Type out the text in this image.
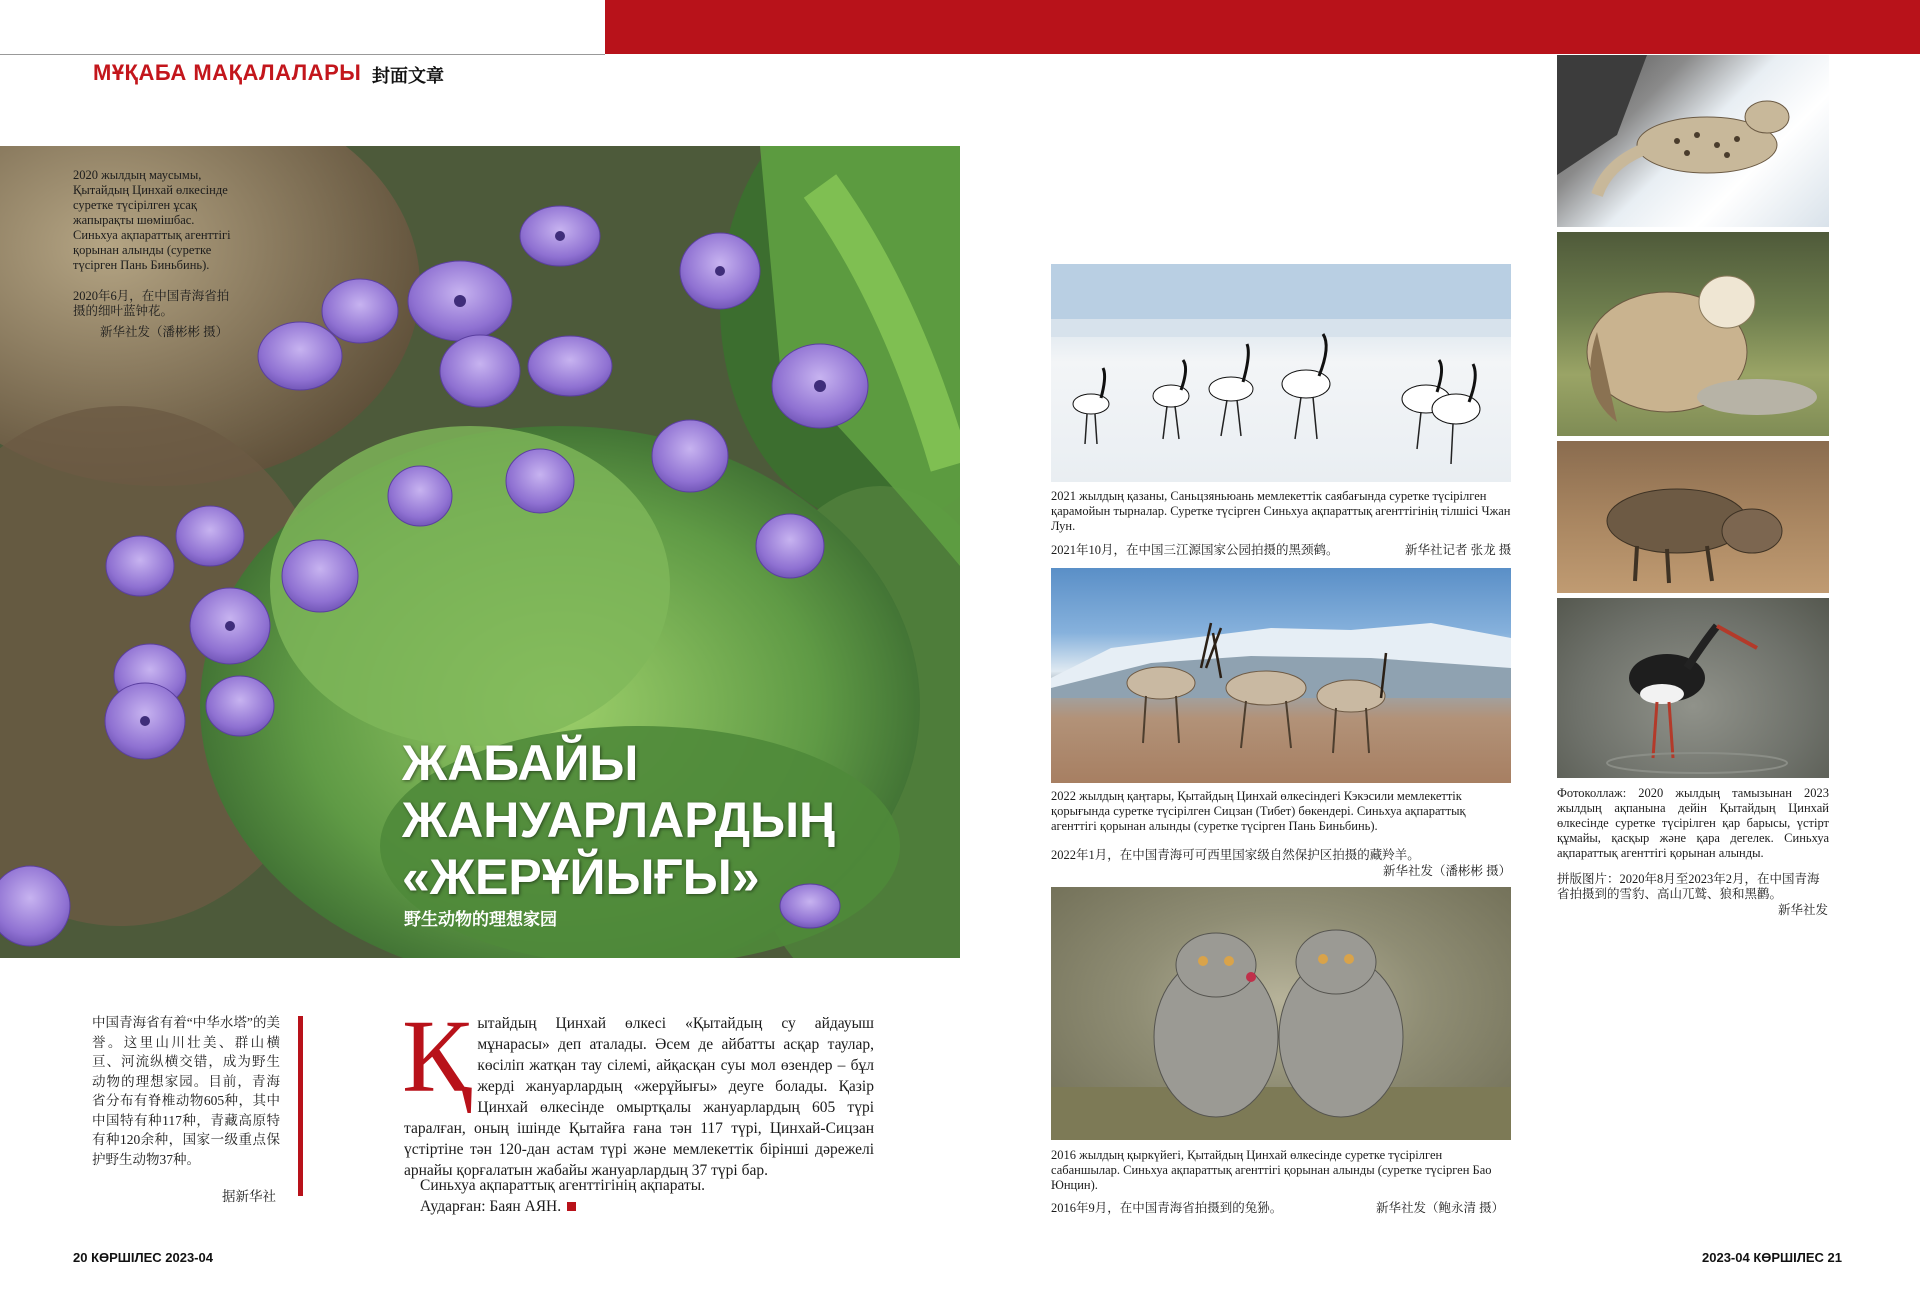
МҰҚАБА МАҚАЛАЛАРЫ 封面文章
2020 жылдың маусымы, Қытайдың Цинхай өлкесінде суретке түсірілген ұсақ жапырақты шөмішбас. Синьхуа ақпараттық агенттігі қорынан алынды (суретке түсірген Пань Биньбинь).
2020年6月，在中国青海省拍摄的细叶蓝钟花。
新华社发（潘彬彬 摄）
ЖАБАЙЫ
ЖАНУАРЛАРДЫҢ
«ЖЕРҰЙЫҒЫ»
野生动物的理想家园
中国青海省有着“中华水塔”的美誉。这里山川壮美、群山横亘、河流纵横交错，成为野生动物的理想家园。目前，青海省分布有脊椎动物605种，其中中国特有种117种，青藏高原特有种120余种，国家一级重点保护野生动物37种。
据新华社

Қытайдың Цинхай өлкесі «Қытайдың су айдауыш мұнарасы» деп аталады. Әсем де айбатты асқар таулар, көсіліп жатқан тау сілемі, айқасқан суы мол өзендер – бұл жерді жануарлардың «жерұйығы» деуге болады. Қазір Цинхай өлкесінде омыртқалы жануарлардың 605 түрі таралған, оның ішінде Қытайға ғана тән 117 түрі, Цинхай-Сицзан үстіртіне тән 120-дан астам түрі және мемлекеттік бірінші дәрежелі арнайы қорғалатын жабайы жануарлардың 37 түрі бар.

Синьхуа ақпараттық агенттігінің ақпараты.
Аударған: Баян АЯН.
2021 жылдың қазаны, Саньцзяньюань мемлекеттік саябағында суретке түсірілген қарамойын тырналар. Суретке түсірген Синьхуа ақпараттық агенттігінің тілшісі Чжан Лун.
2021年10月，在中国三江源国家公园拍摄的黑颈鹤。	新华社记者 张龙 摄
2022 жылдың қаңтары, Қытайдың Цинхай өлкесіндегі Кэкэсили мемлекеттік қорығында суретке түсірілген Сицзан (Тибет) бөкендері. Синьхуа ақпараттық агенттігі қорынан алынды (суретке түсірген Пань Биньбинь).
2022年1月，在中国青海可可西里国家级自然保护区拍摄的藏羚羊。
新华社发（潘彬彬 摄）
2016 жылдың қыркүйегі, Қытайдың Цинхай өлкесінде суретке түсірілген сабаншылар. Синьхуа ақпараттық агенттігі қорынан алынды (суретке түсірген Бао Юнцин).
2016年9月，在中国青海省拍摄到的兔狲。	新华社发（鲍永清 摄）
Фотоколлаж: 2020 жылдың тамызынан 2023 жылдың ақпанына дейін Қытайдың Цинхай өлкесінде суретке түсірілген қар барысы, үстірт құмайы, қасқыр және қара дегелек. Синьхуа ақпараттық агенттігі қорынан алынды.
拼版图片：2020年8月至2023年2月，在中国青海省拍摄到的雪豹、高山兀鹫、狼和黑鹳。
新华社发
20 КӨРШІЛЕС 2023-04	2023-04 КӨРШІЛЕС 21
